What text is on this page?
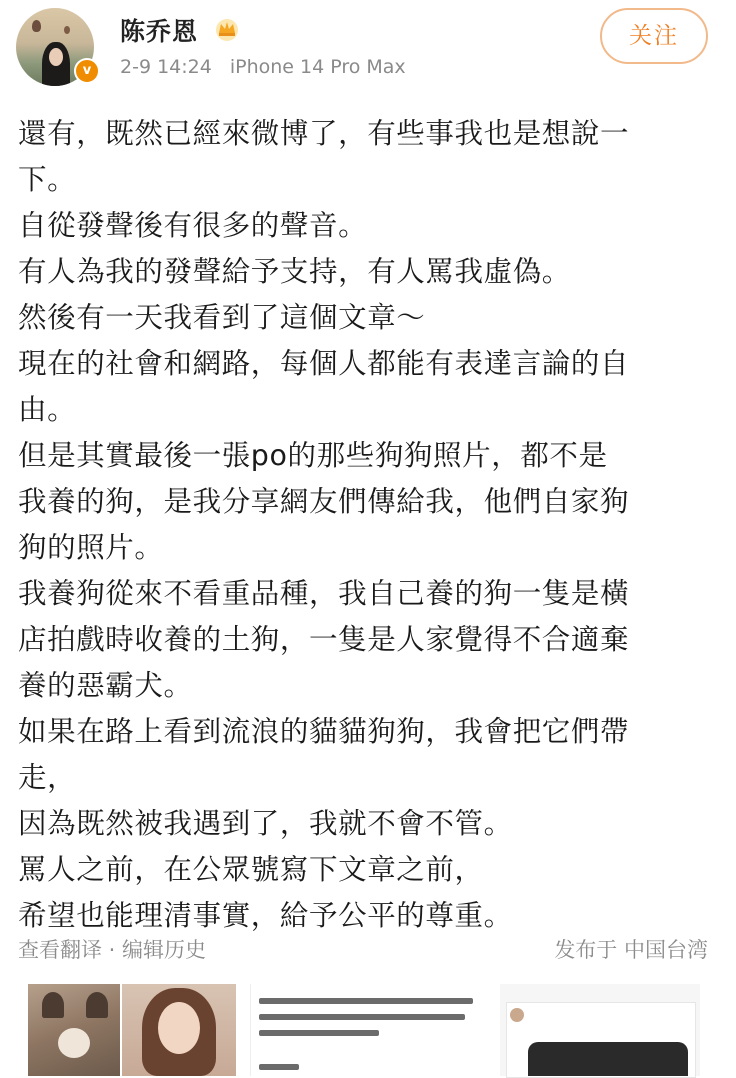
v
陈乔恩
2-9 14:24 iPhone 14 Pro Max
关注
還有，既然已經來微博了，有些事我也是想說一
下。
自從發聲後有很多的聲音。
有人為我的發聲給予支持，有人罵我虛偽。
然後有一天我看到了這個文章～
現在的社會和網路，每個人都能有表達言論的自
由。
但是其實最後一張po的那些狗狗照片，都不是
我養的狗，是我分享網友們傳給我，他們自家狗
狗的照片。
我養狗從來不看重品種，我自己養的狗一隻是橫
店拍戲時收養的土狗，一隻是人家覺得不合適棄
養的惡霸犬。
如果在路上看到流浪的貓貓狗狗，我會把它們帶
走，
因為既然被我遇到了，我就不會不管。
罵人之前，在公眾號寫下文章之前，
希望也能理清事實，給予公平的尊重。
查看翻译 · 编辑历史	发布于 中国台湾
